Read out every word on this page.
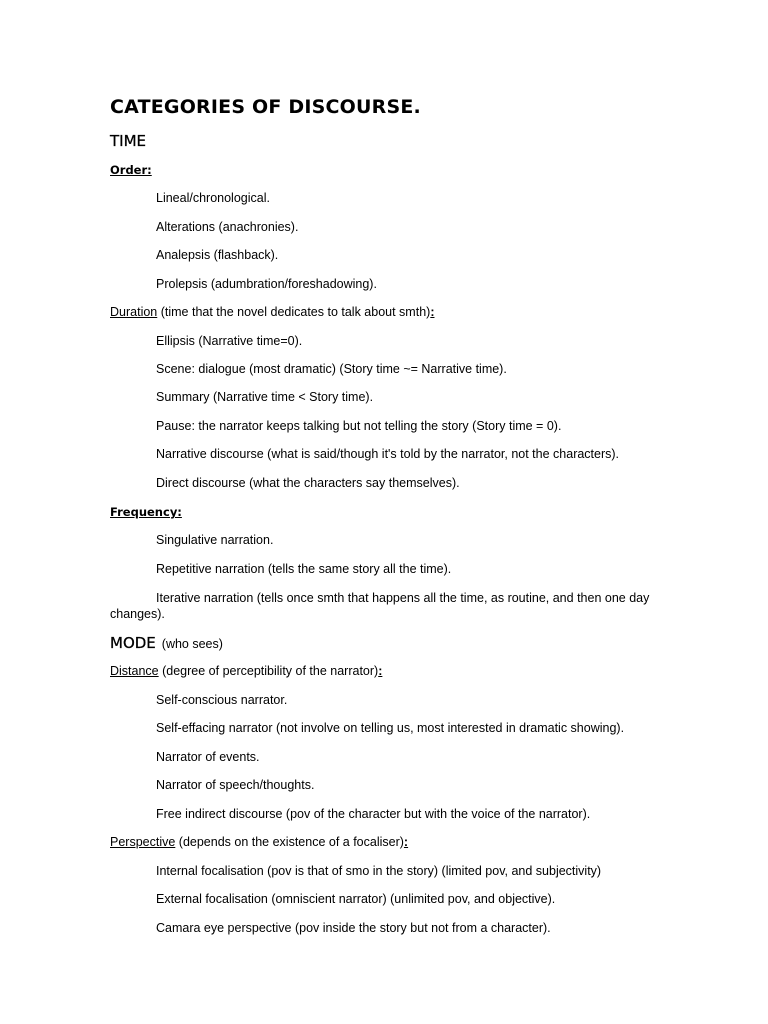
CATEGORIES OF DISCOURSE.
TIME
Order:
Lineal/chronological.
Alterations (anachronies).
Analepsis (flashback).
Prolepsis (adumbration/foreshadowing).
Duration (time that the novel dedicates to talk about smth):
Ellipsis (Narrative time=0).
Scene: dialogue (most dramatic) (Story time ~= Narrative time).
Summary (Narrative time < Story time).
Pause: the narrator keeps talking but not telling the story (Story time = 0).
Narrative discourse (what is said/though it's told by the narrator, not the characters).
Direct discourse (what the characters say themselves).
Frequency:
Singulative narration.
Repetitive narration (tells the same story all the time).
Iterative narration (tells once smth that happens all the time, as routine, and then one day changes).
MODE (who sees)
Distance (degree of perceptibility of the narrator):
Self-conscious narrator.
Self-effacing narrator (not involve on telling us, most interested in dramatic showing).
Narrator of events.
Narrator of speech/thoughts.
Free indirect discourse (pov of the character but with the voice of the narrator).
Perspective (depends on the existence of a focaliser):
Internal focalisation (pov is that of smo in the story) (limited pov, and subjectivity)
External focalisation (omniscient narrator) (unlimited pov, and objective).
Camara eye perspective (pov inside the story but not from a character).
